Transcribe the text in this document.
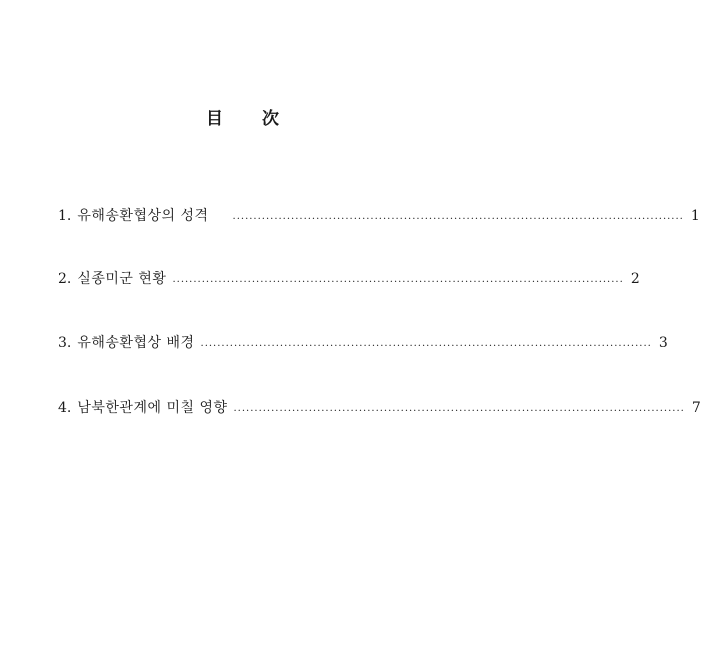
目 次
1. 유해송환협상의 성격 ............................................................................................................ 1
2. 실종미군 현황 ............................................................................................................ 2
3. 유해송환협상 배경 ............................................................................................................ 3
4. 남북한관계에 미칠 영향 ............................................................................................................ 7
